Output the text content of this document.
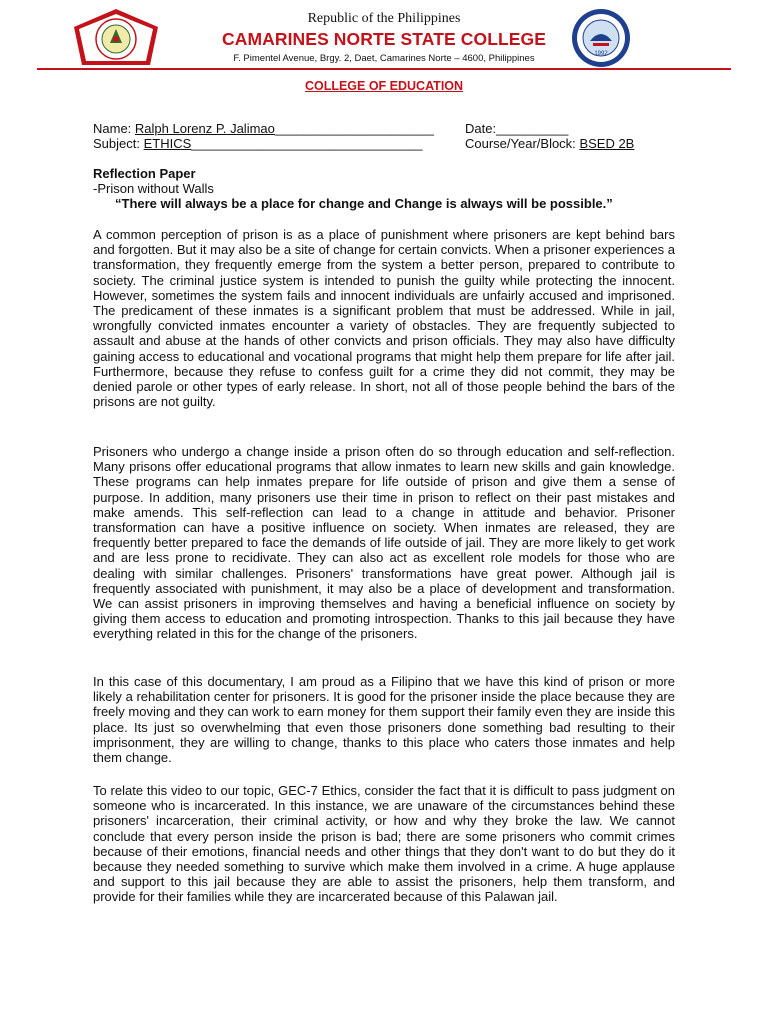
1992
Republic of the Philippines
CAMARINES NORTE STATE COLLEGE
F. Pimentel Avenue, Brgy. 2, Daet, Camarines Norte – 4600, Philippines
COLLEGE OF EDUCATION
Name: Ralph Lorenz P. Jalimao______________________ Date:__________
Subject: ETHICS________________________________	Course/Year/Block: BSED 2B
Reflection Paper
-Prison without Walls
“There will always be a place for change and Change is always will be possible.”
A common perception of prison is as a place of punishment where prisoners are kept behind bars and forgotten. But it may also be a site of change for certain convicts. When a prisoner experiences a transformation, they frequently emerge from the system a better person, prepared to contribute to society. The criminal justice system is intended to punish the guilty while protecting the innocent. However, sometimes the system fails and innocent individuals are unfairly accused and imprisoned. The predicament of these inmates is a significant problem that must be addressed. While in jail, wrongfully convicted inmates encounter a variety of obstacles. They are frequently subjected to assault and abuse at the hands of other convicts and prison officials. They may also have difficulty gaining access to educational and vocational programs that might help them prepare for life after jail. Furthermore, because they refuse to confess guilt for a crime they did not commit, they may be denied parole or other types of early release. In short, not all of those people behind the bars of the prisons are not guilty.
Prisoners who undergo a change inside a prison often do so through education and self-reflection. Many prisons offer educational programs that allow inmates to learn new skills and gain knowledge. These programs can help inmates prepare for life outside of prison and give them a sense of purpose. In addition, many prisoners use their time in prison to reflect on their past mistakes and make amends. This self-reflection can lead to a change in attitude and behavior. Prisoner transformation can have a positive influence on society. When inmates are released, they are frequently better prepared to face the demands of life outside of jail. They are more likely to get work and are less prone to recidivate. They can also act as excellent role models for those who are dealing with similar challenges. Prisoners' transformations have great power. Although jail is frequently associated with punishment, it may also be a place of development and transformation. We can assist prisoners in improving themselves and having a beneficial influence on society by giving them access to education and promoting introspection. Thanks to this jail because they have everything related in this for the change of the prisoners.
In this case of this documentary, I am proud as a Filipino that we have this kind of prison or more likely a rehabilitation center for prisoners. It is good for the prisoner inside the place because they are freely moving and they can work to earn money for them support their family even they are inside this place. Its just so overwhelming that even those prisoners done something bad resulting to their imprisonment, they are willing to change, thanks to this place who caters those inmates and help them change.
To relate this video to our topic, GEC-7 Ethics, consider the fact that it is difficult to pass judgment on someone who is incarcerated. In this instance, we are unaware of the circumstances behind these prisoners' incarceration, their criminal activity, or how and why they broke the law. We cannot conclude that every person inside the prison is bad; there are some prisoners who commit crimes because of their emotions, financial needs and other things that they don't want to do but they do it because they needed something to survive which make them involved in a crime. A huge applause and support to this jail because they are able to assist the prisoners, help them transform, and provide for their families while they are incarcerated because of this Palawan jail.
